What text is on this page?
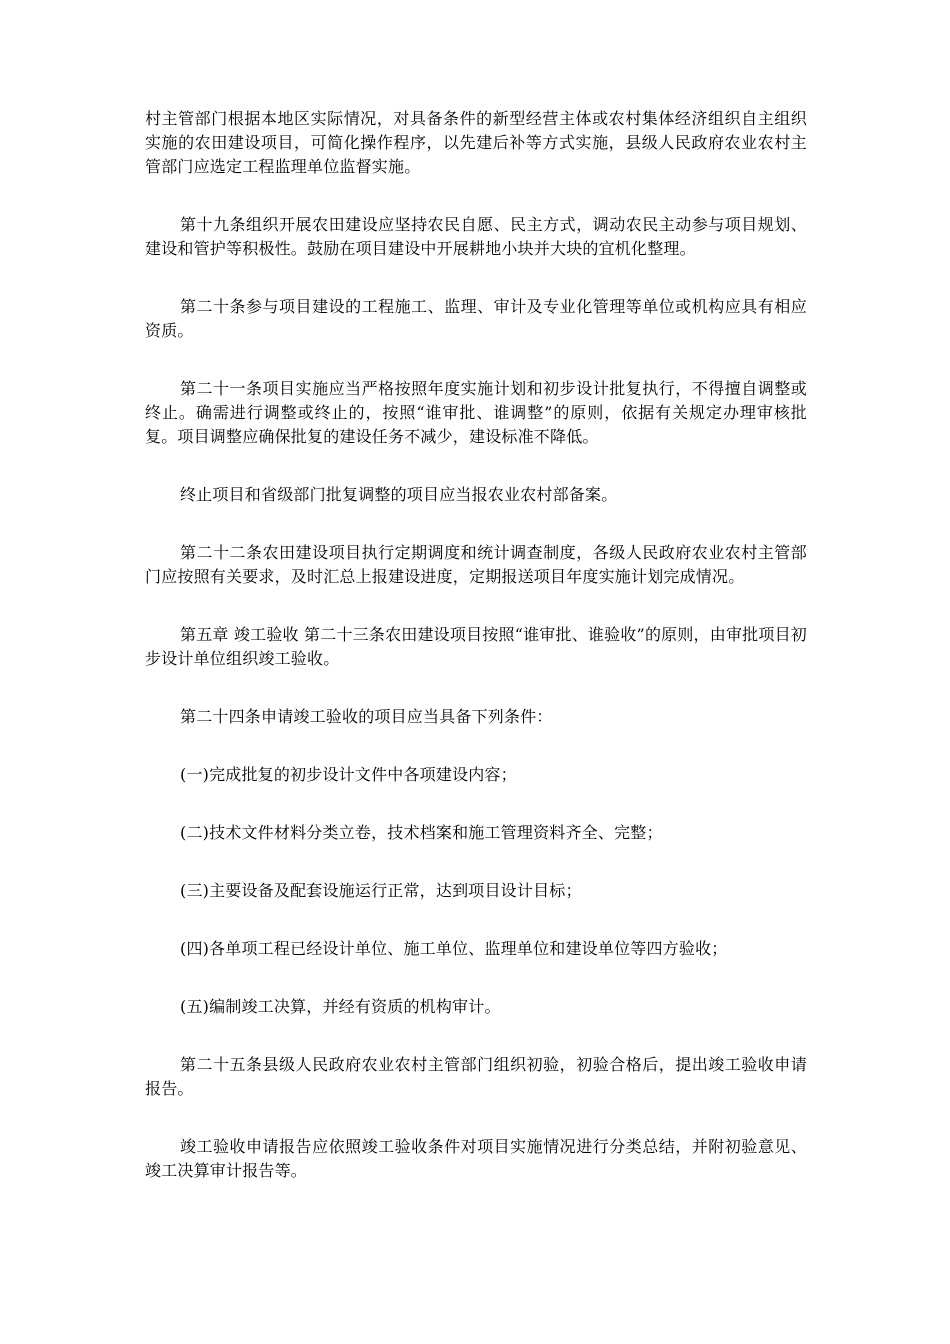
村主管部门根据本地区实际情况，对具备条件的新型经营主体或农村集体经济组织自主组织实施的农田建设项目，可简化操作程序，以先建后补等方式实施，县级人民政府农业农村主管部门应选定工程监理单位监督实施。

第十九条组织开展农田建设应坚持农民自愿、民主方式，调动农民主动参与项目规划、建设和管护等积极性。鼓励在项目建设中开展耕地小块并大块的宜机化整理。

第二十条参与项目建设的工程施工、监理、审计及专业化管理等单位或机构应具有相应资质。

第二十一条项目实施应当严格按照年度实施计划和初步设计批复执行，不得擅自调整或终止。确需进行调整或终止的，按照“谁审批、谁调整”的原则，依据有关规定办理审核批复。项目调整应确保批复的建设任务不减少，建设标准不降低。

终止项目和省级部门批复调整的项目应当报农业农村部备案。

第二十二条农田建设项目执行定期调度和统计调查制度，各级人民政府农业农村主管部门应按照有关要求，及时汇总上报建设进度，定期报送项目年度实施计划完成情况。

第五章 竣工验收 第二十三条农田建设项目按照“谁审批、谁验收”的原则，由审批项目初步设计单位组织竣工验收。

第二十四条申请竣工验收的项目应当具备下列条件：

(一)完成批复的初步设计文件中各项建设内容；

(二)技术文件材料分类立卷，技术档案和施工管理资料齐全、完整；

(三)主要设备及配套设施运行正常，达到项目设计目标；

(四)各单项工程已经设计单位、施工单位、监理单位和建设单位等四方验收；

(五)编制竣工决算，并经有资质的机构审计。

第二十五条县级人民政府农业农村主管部门组织初验，初验合格后，提出竣工验收申请报告。

竣工验收申请报告应依照竣工验收条件对项目实施情况进行分类总结，并附初验意见、竣工决算审计报告等。
